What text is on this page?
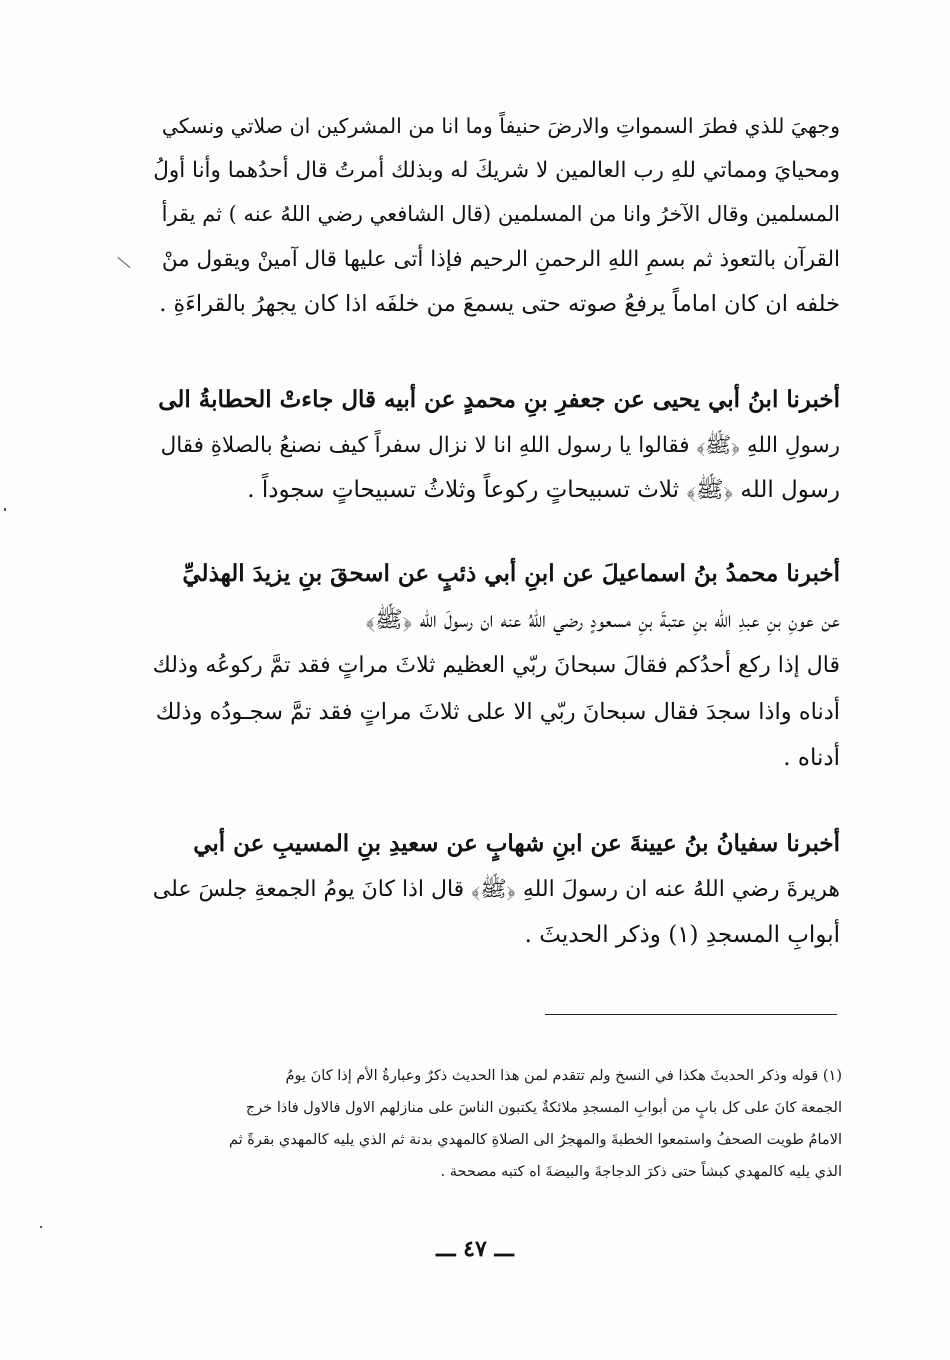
وجهيَ للذي فطرَ السمواتِ والارضَ حنيفاً وما انا من المشركين ان صلاتي ونسكي
ومحيايَ ومماتي للهِ رب العالمين لا شريكَ له وبذلك أمرتُ قال أحدُهما وأنا أولُ
المسلمين وقال الآخرُ وانا من المسلمين (قال الشافعي رضي اللهُ عنه ) ثم يقرأ
القرآن بالتعوذ ثم بسمِ اللهِ الرحمنِ الرحيم فإذا أتى عليها قال آمينْ ويقول منْ
خلفه ان كان اماماً يرفعُ صوته حتى يسمعَ من خلفَه اذا كان يجهرُ بالقراءَةِ .
أخبرنا ابنُ أبي يحيى عن جعفرِ بنِ محمدٍ عن أبيه قال جاءتْ الحطابةُ الى
رسولِ اللهِ ﴿ﷺ﴾ فقالوا يا رسول اللهِ انا لا نزال سفراً كيف نصنعُ بالصلاةِ فقال
رسول الله ﴿ﷺ﴾ ثلاث تسبيحاتٍ ركوعاً وثلاثُ تسبيحاتٍ سجوداً .
أخبرنا محمدُ بنُ اسماعيلَ عن ابنِ أبي ذئبٍ عن اسحقَ بنِ يزيدَ الهذليِّ
عن عونِ بنِ عبدِ الله بنِ عتبةَ بنِ مسعودٍ رضي اللهُ عنه ان رسولَ الله ﴿ﷺ﴾
قال إذا ركع أحدُكم فقالَ سبحانَ ربّي العظيم ثلاثَ مراتٍ فقد تمَّ ركوعُه وذلك
أدناه واذا سجدَ فقال سبحانَ ربّي الا على ثلاثَ مراتٍ فقد تمَّ سجـودُه وذلك
أدناه .
أخبرنا سفيانُ بنُ عيينةَ عن ابنِ شهابٍ عن سعيدِ بنِ المسيبِ عن أبي
هريرةَ رضي اللهُ عنه ان رسولَ اللهِ ﴿ﷺ﴾ قال اذا كانَ يومُ الجمعةِ جلسَ على
أبوابِ المسجدِ (١) وذكر الحديثَ .
(١) قوله وذكر الحديثَ هكذا في النسخ ولم تتقدم لمن هذا الحديث ذكرٌ وعبارةُ الأم إذا كانَ يومُ
الجمعة كانَ على كل بابٍ من أبوابِ المسجدِ ملائكةٌ يكتبون الناسَ على منازلهم الاول فالاول فاذا خرج
الامامُ طويت الصحفُ واستمعوا الخطبةَ والمهجرُ الى الصلاةِ كالمهدي بدنة ثم الذي يليه كالمهدي بقرةً ثم
الذي يليه كالمهدي كبشاً حتى ذكرَ الدجاجةَ والبيضةَ اه كتبه مصححة .
ـــ ٤٧ ـــ
